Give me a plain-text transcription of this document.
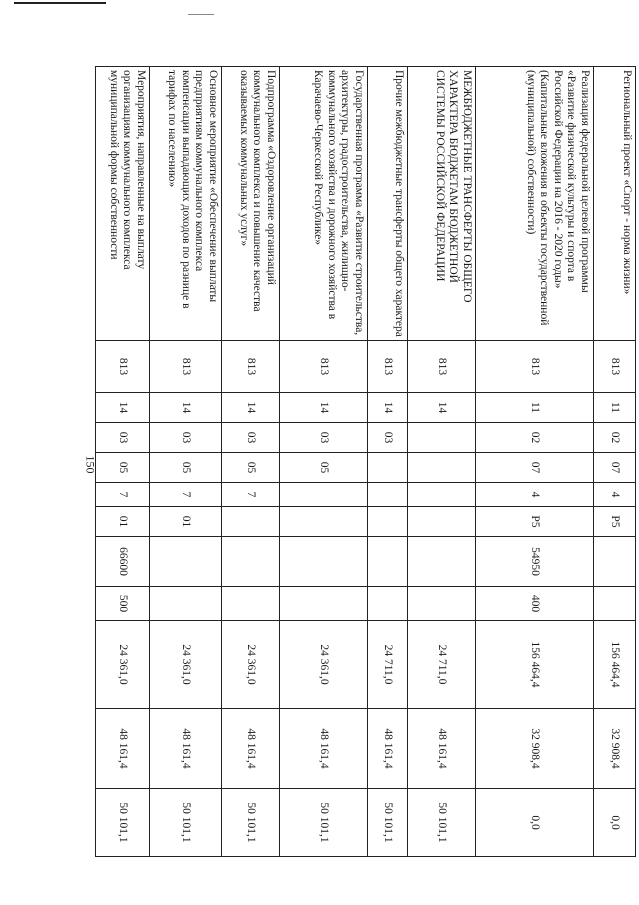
150
Региональный проект «Спорт - норма жизни»	813	11	02	07	4	P5			156 464,4	32 908,4	0,0
Реализация федеральной целевой программы «Развитие физической культуры и спорта в Российской Федерации на 2016 - 2020 годы» (Капитальные вложения в объекты государственной (муниципальной) собственности)	813	11	02	07	4	P5	54950	400	156 464,4	32 908,4	0,0
МЕЖБЮДЖЕТНЫЕ ТРАНСФЕРТЫ ОБЩЕГО ХАРАКТЕРА БЮДЖЕТАМ БЮДЖЕТНОЙ СИСТЕМЫ РОССИЙСКОЙ ФЕДЕРАЦИИ	813	14							24 711,0	48 161,4	50 101,1
Прочие межбюджетные трансферты общего характера	813	14	03						24 711,0	48 161,4	50 101,1
Государственная программа «Развитие строительства, архитектуры, градостроительства, жилищно-коммунального хозяйства и дорожного хозяйства в Карачаево-Черкесской Республике»	813	14	03	05					24 361,0	48 161,4	50 101,1
Подпрограмма «Оздоровление организаций коммунального комплекса и повышение качества оказываемых коммунальных услуг»	813	14	03	05	7				24 361,0	48 161,4	50 101,1
Основное мероприятие «Обеспечение выплаты предприятиям коммунального комплекса компенсации выпадающих доходов по разнице в тарифах по населению»	813	14	03	05	7	01			24 361,0	48 161,4	50 101,1
Мероприятия, направленные на выплату организациям коммунального комплекса муниципальной формы собственности	813	14	03	05	7	01	66600	500	24 361,0	48 161,4	50 101,1
